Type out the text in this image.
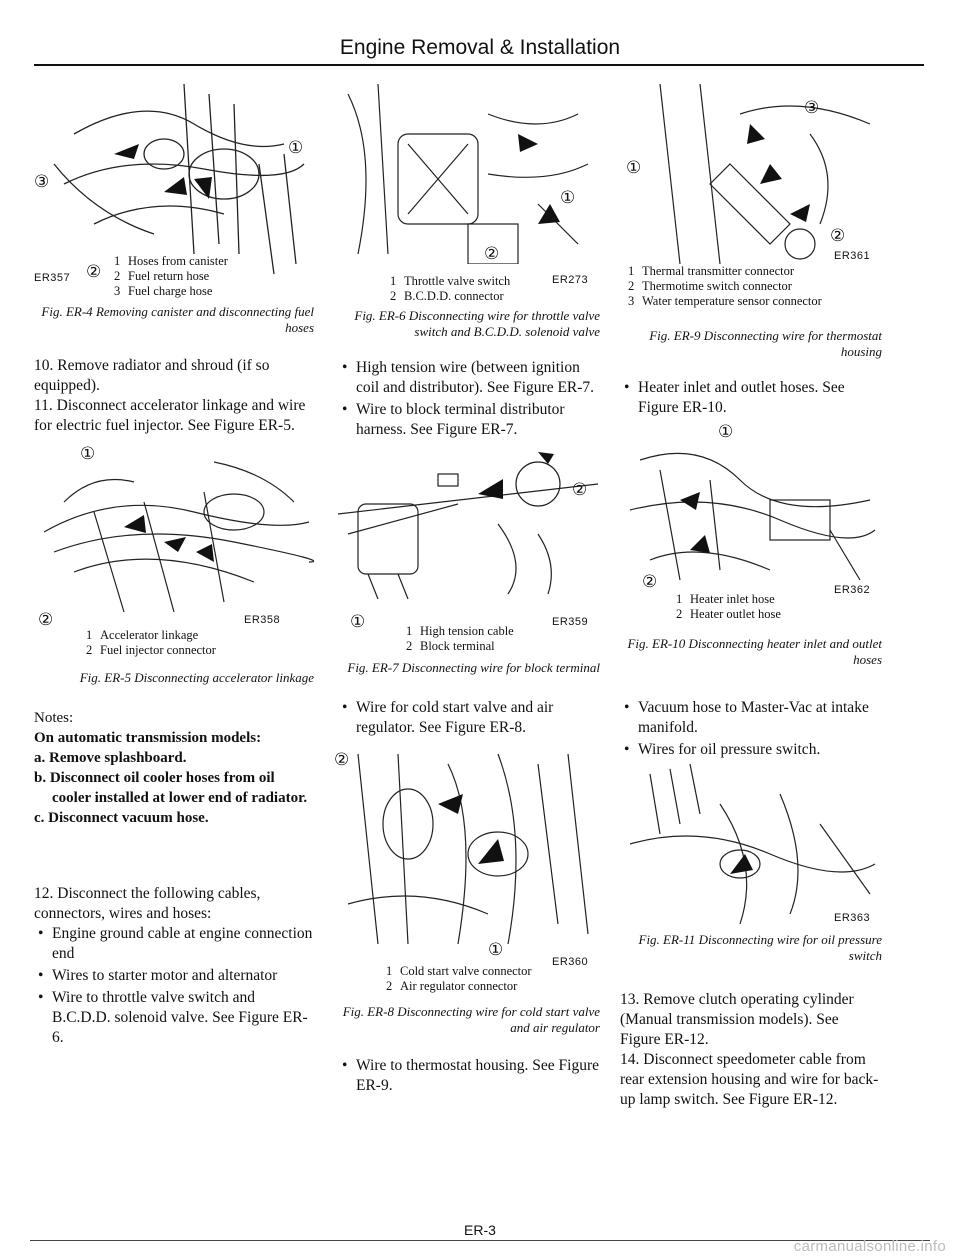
Engine Removal & Installation
ER357
③
①
②
1 Hoses from canister
2 Fuel return hose
3 Fuel charge hose
Fig. ER-4 Removing canister and disconnecting fuel hoses

10. Remove radiator and shroud (if so equipped).

11. Disconnect accelerator linkage and wire for electric fuel injector. See Figure ER-5.

①
②	ER358
1 Accelerator linkage
2 Fuel injector connector
Fig. ER-5 Disconnecting accelerator linkage
Notes:
On automatic transmission models:
a. Remove splashboard.
b. Disconnect oil cooler hoses from oil cooler installed at lower end of radiator.
c. Disconnect vacuum hose.

12. Disconnect the following cables, connectors, wires and hoses:

• Engine ground cable at engine connection end
• Wires to starter motor and alternator
• Wire to throttle valve switch and B.C.D.D. solenoid valve. See Figure ER-6.
①
②
ER273
1 Throttle valve switch
2 B.C.D.D. connector
Fig. ER-6 Disconnecting wire for throttle valve switch and B.C.D.D. solenoid valve
• High tension wire (between ignition coil and distributor). See Figure ER-7.
• Wire to block terminal distributor harness. See Figure ER-7.
②
①	ER359
1 High tension cable
2 Block terminal
Fig. ER-7 Disconnecting wire for block terminal
• Wire for cold start valve and air regulator. See Figure ER-8.
②
①
ER360
1 Cold start valve connector
2 Air regulator connector
Fig. ER-8 Disconnecting wire for cold start valve and air regulator
• Wire to thermostat housing. See Figure ER-9.
③
①
②
ER361
1 Thermal transmitter connector
2 Thermotime switch connector
3 Water temperature sensor connector
Fig. ER-9 Disconnecting wire for thermostat housing
• Heater inlet and outlet hoses. See Figure ER-10.
①
②	ER362
1 Heater inlet hose
2 Heater outlet hose
Fig. ER-10 Disconnecting heater inlet and outlet hoses
• Vacuum hose to Master-Vac at intake manifold.
• Wires for oil pressure switch.
ER363
Fig. ER-11 Disconnecting wire for oil pressure switch

13. Remove clutch operating cylinder (Manual transmission models). See Figure ER-12.

14. Disconnect speedometer cable from rear extension housing and wire for back-up lamp switch. See Figure ER-12.

ER-3
carmanualsonline.info
